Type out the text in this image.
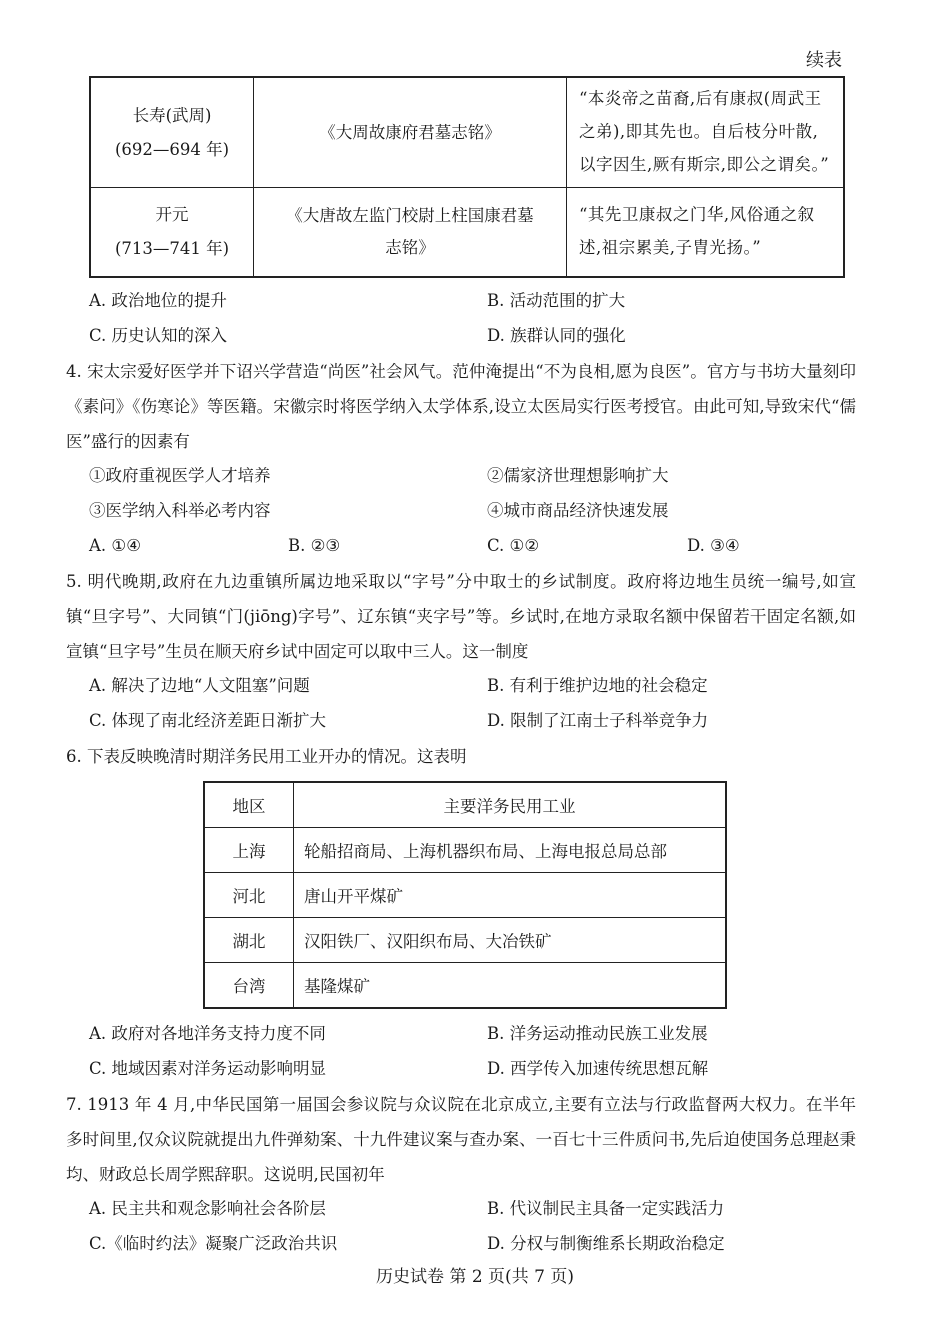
续表
长寿(武周)
(692—694 年)	《大周故康府君墓志铭》	“本炎帝之苗裔,后有康叔(周武王之弟),即其先也。自后枝分叶散,以字因生,厥有斯宗,即公之谓矣。”

开元
(713—741 年)	《大唐故左监门校尉上柱国康君墓志铭》	“其先卫康叔之门华,风俗通之叙述,祖宗累美,子胄光扬。”
A. 政治地位的提升	B. 活动范围的扩大
C. 历史认知的深入	D. 族群认同的强化
4. 宋太宗爱好医学并下诏兴学营造“尚医”社会风气。范仲淹提出“不为良相,愿为良医”。官方与书坊大量刻印《素问》《伤寒论》等医籍。宋徽宗时将医学纳入太学体系,设立太医局实行医考授官。由此可知,导致宋代“儒医”盛行的因素有
①政府重视医学人才培养	②儒家济世理想影响扩大
③医学纳入科举必考内容	④城市商品经济快速发展
A. ①④	B. ②③	C. ①②	D. ③④
5. 明代晚期,政府在九边重镇所属边地采取以“字号”分中取士的乡试制度。政府将边地生员统一编号,如宣镇“旦字号”、大同镇“门(jiōng)字号”、辽东镇“夹字号”等。乡试时,在地方录取名额中保留若干固定名额,如宣镇“旦字号”生员在顺天府乡试中固定可以取中三人。这一制度
A. 解决了边地“人文阻塞”问题	B. 有利于维护边地的社会稳定
C. 体现了南北经济差距日渐扩大	D. 限制了江南士子科举竞争力
6. 下表反映晚清时期洋务民用工业开办的情况。这表明
地区	主要洋务民用工业
上海	轮船招商局、上海机器织布局、上海电报总局总部
河北	唐山开平煤矿
湖北	汉阳铁厂、汉阳织布局、大冶铁矿
台湾	基隆煤矿
A. 政府对各地洋务支持力度不同	B. 洋务运动推动民族工业发展
C. 地域因素对洋务运动影响明显	D. 西学传入加速传统思想瓦解
7. 1913 年 4 月,中华民国第一届国会参议院与众议院在北京成立,主要有立法与行政监督两大权力。在半年多时间里,仅众议院就提出九件弹劾案、十九件建议案与查办案、一百七十三件质问书,先后迫使国务总理赵秉均、财政总长周学熙辞职。这说明,民国初年
A. 民主共和观念影响社会各阶层	B. 代议制民主具备一定实践活力
C.《临时约法》凝聚广泛政治共识	D. 分权与制衡维系长期政治稳定
历史试卷 第 2 页(共 7 页)
